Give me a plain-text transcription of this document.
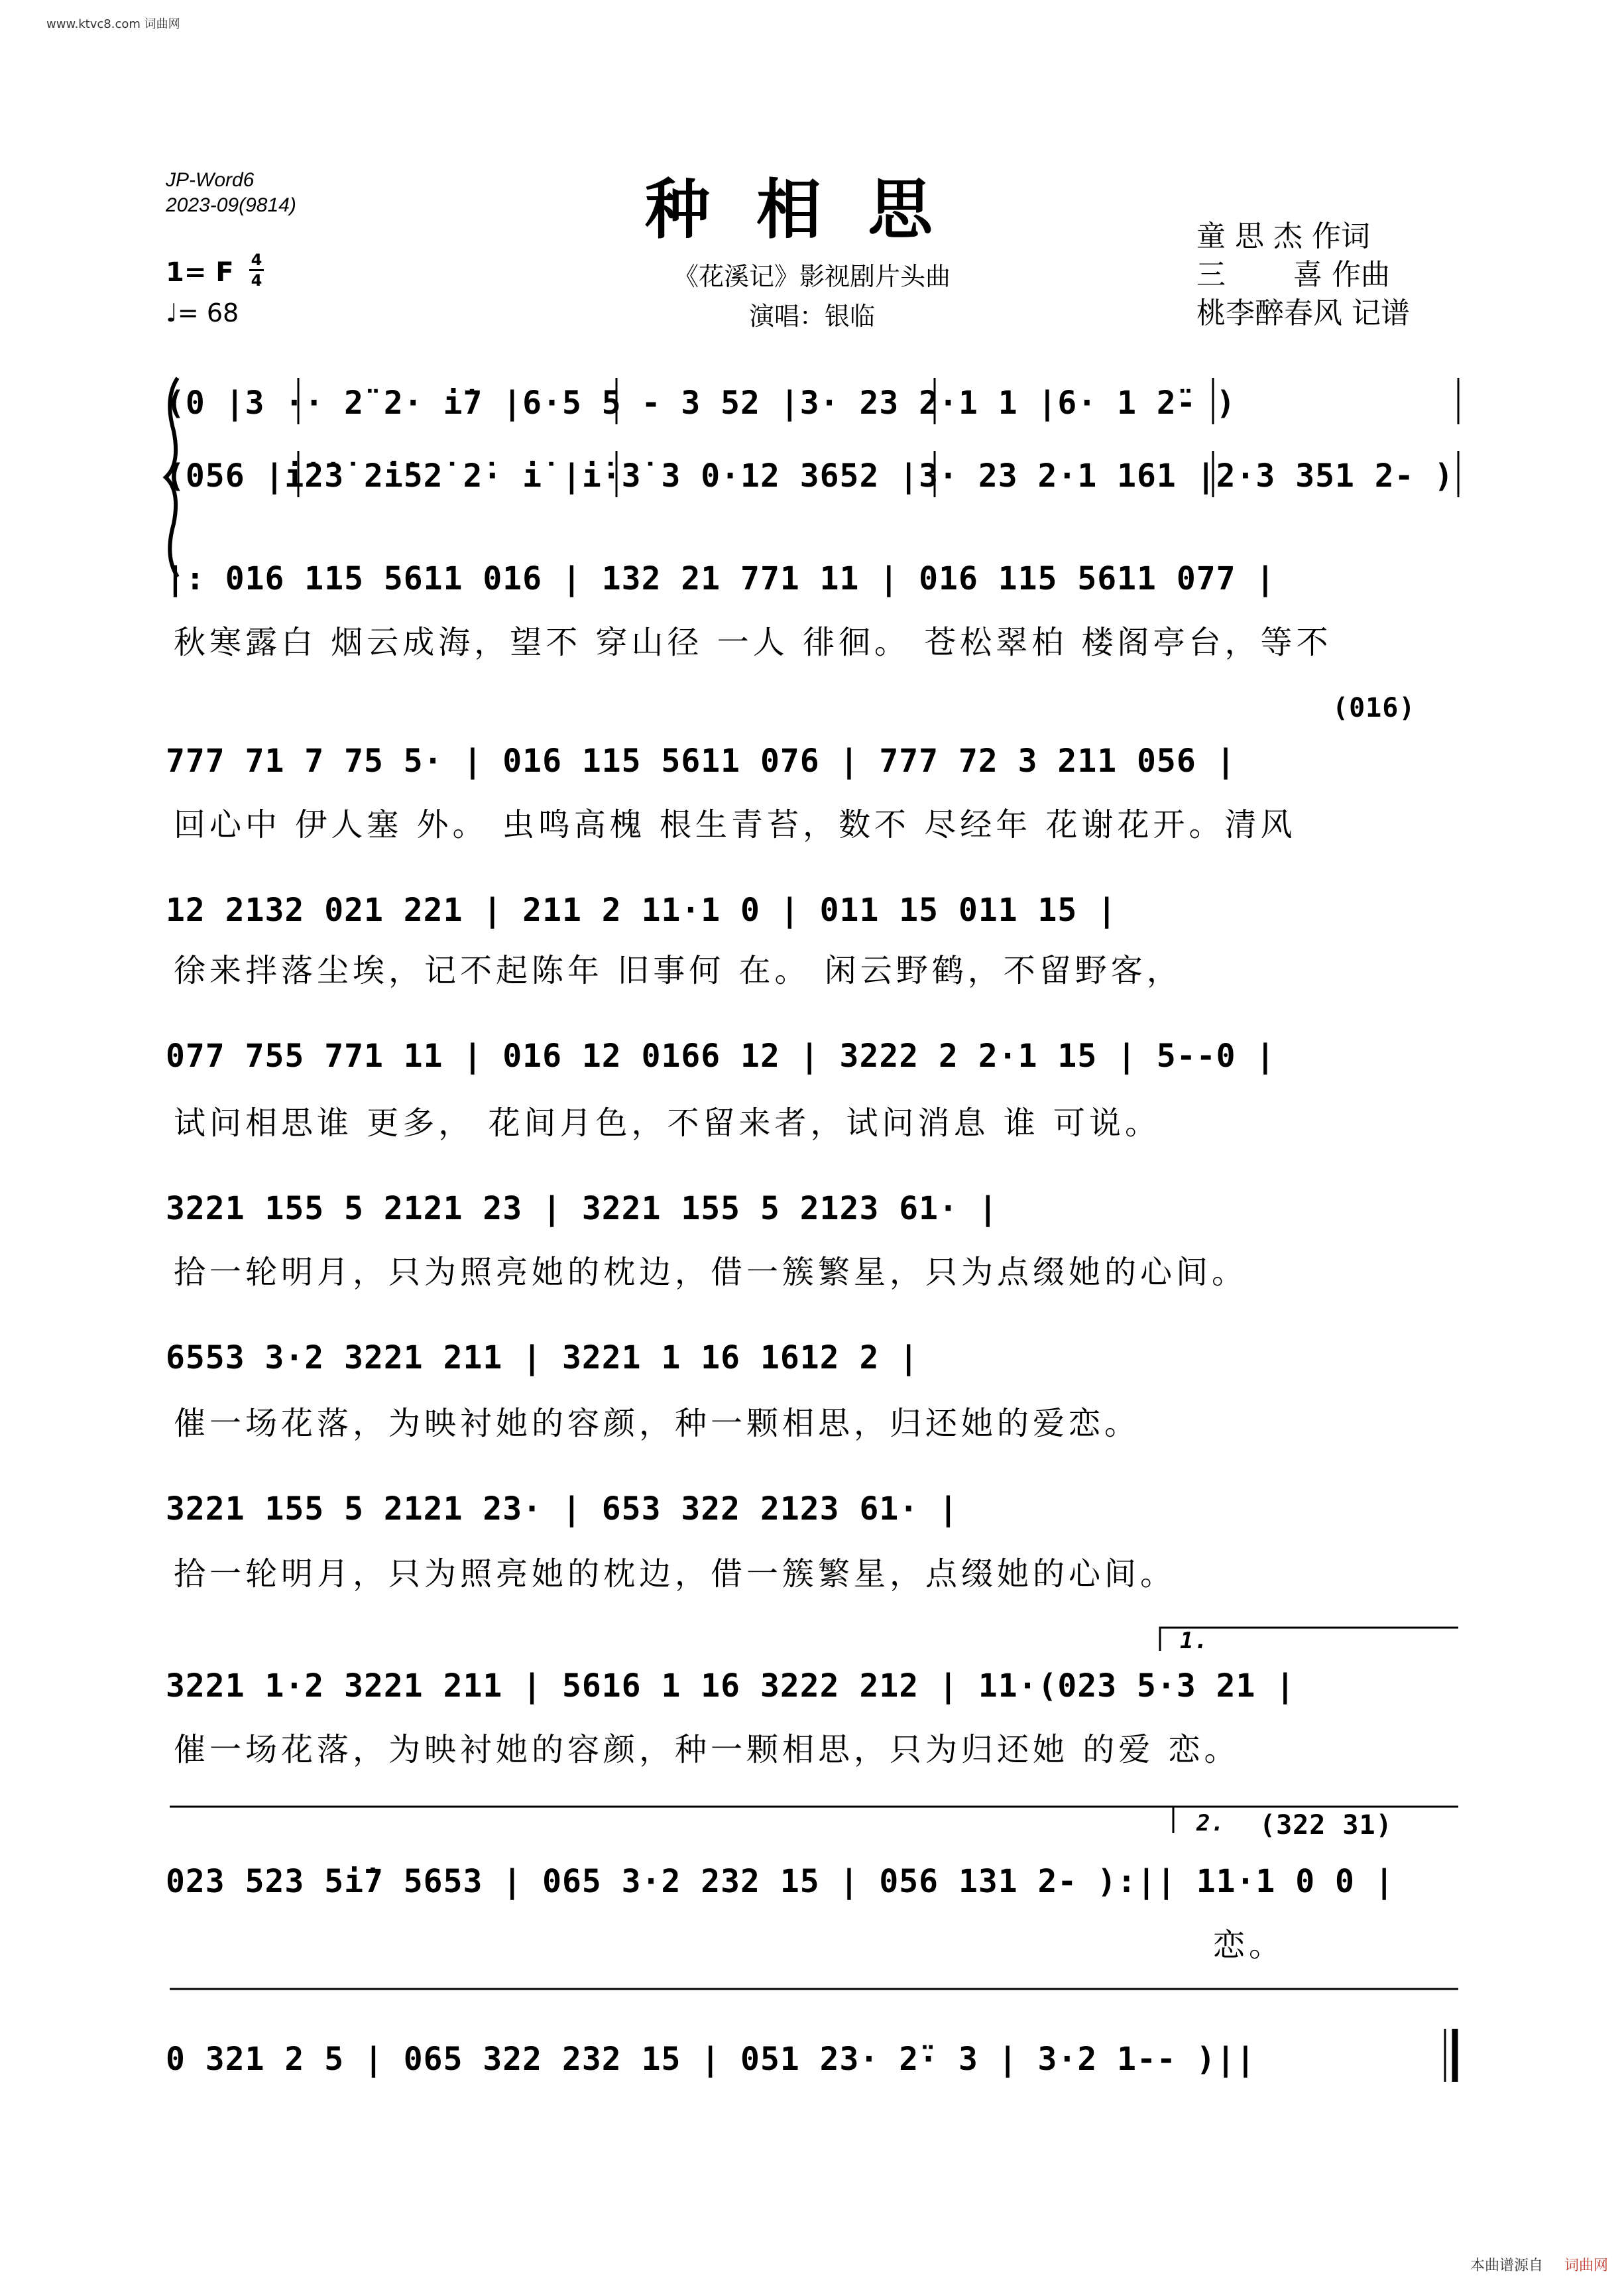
www.ktvc8.com 词曲网
JP-Word6
2023-09(9814)	种相思
《花溪记》影视剧片头曲
演唱：银临
童 思 杰 作词
三　　 喜 作曲
桃李醉春风 记谱
1= F 4
4
♩= 68
(0 |3 ·· 2̈ 2· i̇7 |6·5 5 - 3 52 |3· 23 2·1 1 |6· 1 2̈- )
(056 |i̇2̇3̇ 2̇i̇52̇ 2̇· i̇ |i̇·3̇ 3 0·12 3652 |3· 23 2·1 161 |2·3 351 2- )
|: 016 115 5611 016 | 132 21 771 11 | 016 115 5611 077 |
秋寒露白 烟云成海，望不 穿山径 一人 徘徊。 苍松翠柏 楼阁亭台，等不
(016)
777 71 7 75 5· | 016 115 5611 076 | 777 72 3 211 056 |
回心中 伊人塞 外。 虫鸣高槐 根生青苔，数不 尽经年 花谢花开。清风
12 2132 021 221 | 211 2 11·1 0 | 011 15 011 15 |
徐来拌落尘埃，记不起陈年 旧事何 在。 闲云野鹤，不留野客，
077 755 771 11 | 016 12 0166 12 | 3222 2 2·1 15 | 5--0 |
试问相思谁 更多， 花间月色，不留来者，试问消息 谁 可说。
3221 155 5 2121 23 | 3221 155 5 2123 61· |
拾一轮明月，只为照亮她的枕边，借一簇繁星，只为点缀她的心间。
6553 3·2 3221 211 | 3221 1 16 1612 2 |
催一场花落，为映衬她的容颜，种一颗相思，归还她的爱恋。
3221 155 5 2121 23· | 653 322 2123 61· |
拾一轮明月，只为照亮她的枕边，借一簇繁星，点缀她的心间。
1.
3221 1·2 3221 211 | 5616 1 16 3222 212 | 11·(023 5·3 21 |
催一场花落，为映衬她的容颜，种一颗相思，只为归还她 的爱 恋。
2.	(322 31)
023 523 5i̇7 5653 | 065 3·2 232 15 | 056 131 2- ):|| 11·1 0 0 |
恋。
0 321 2 5 | 065 322 232 15 | 051 23· 2̈· 3 | 3·2 1-- )||
本曲谱源自 词曲网
